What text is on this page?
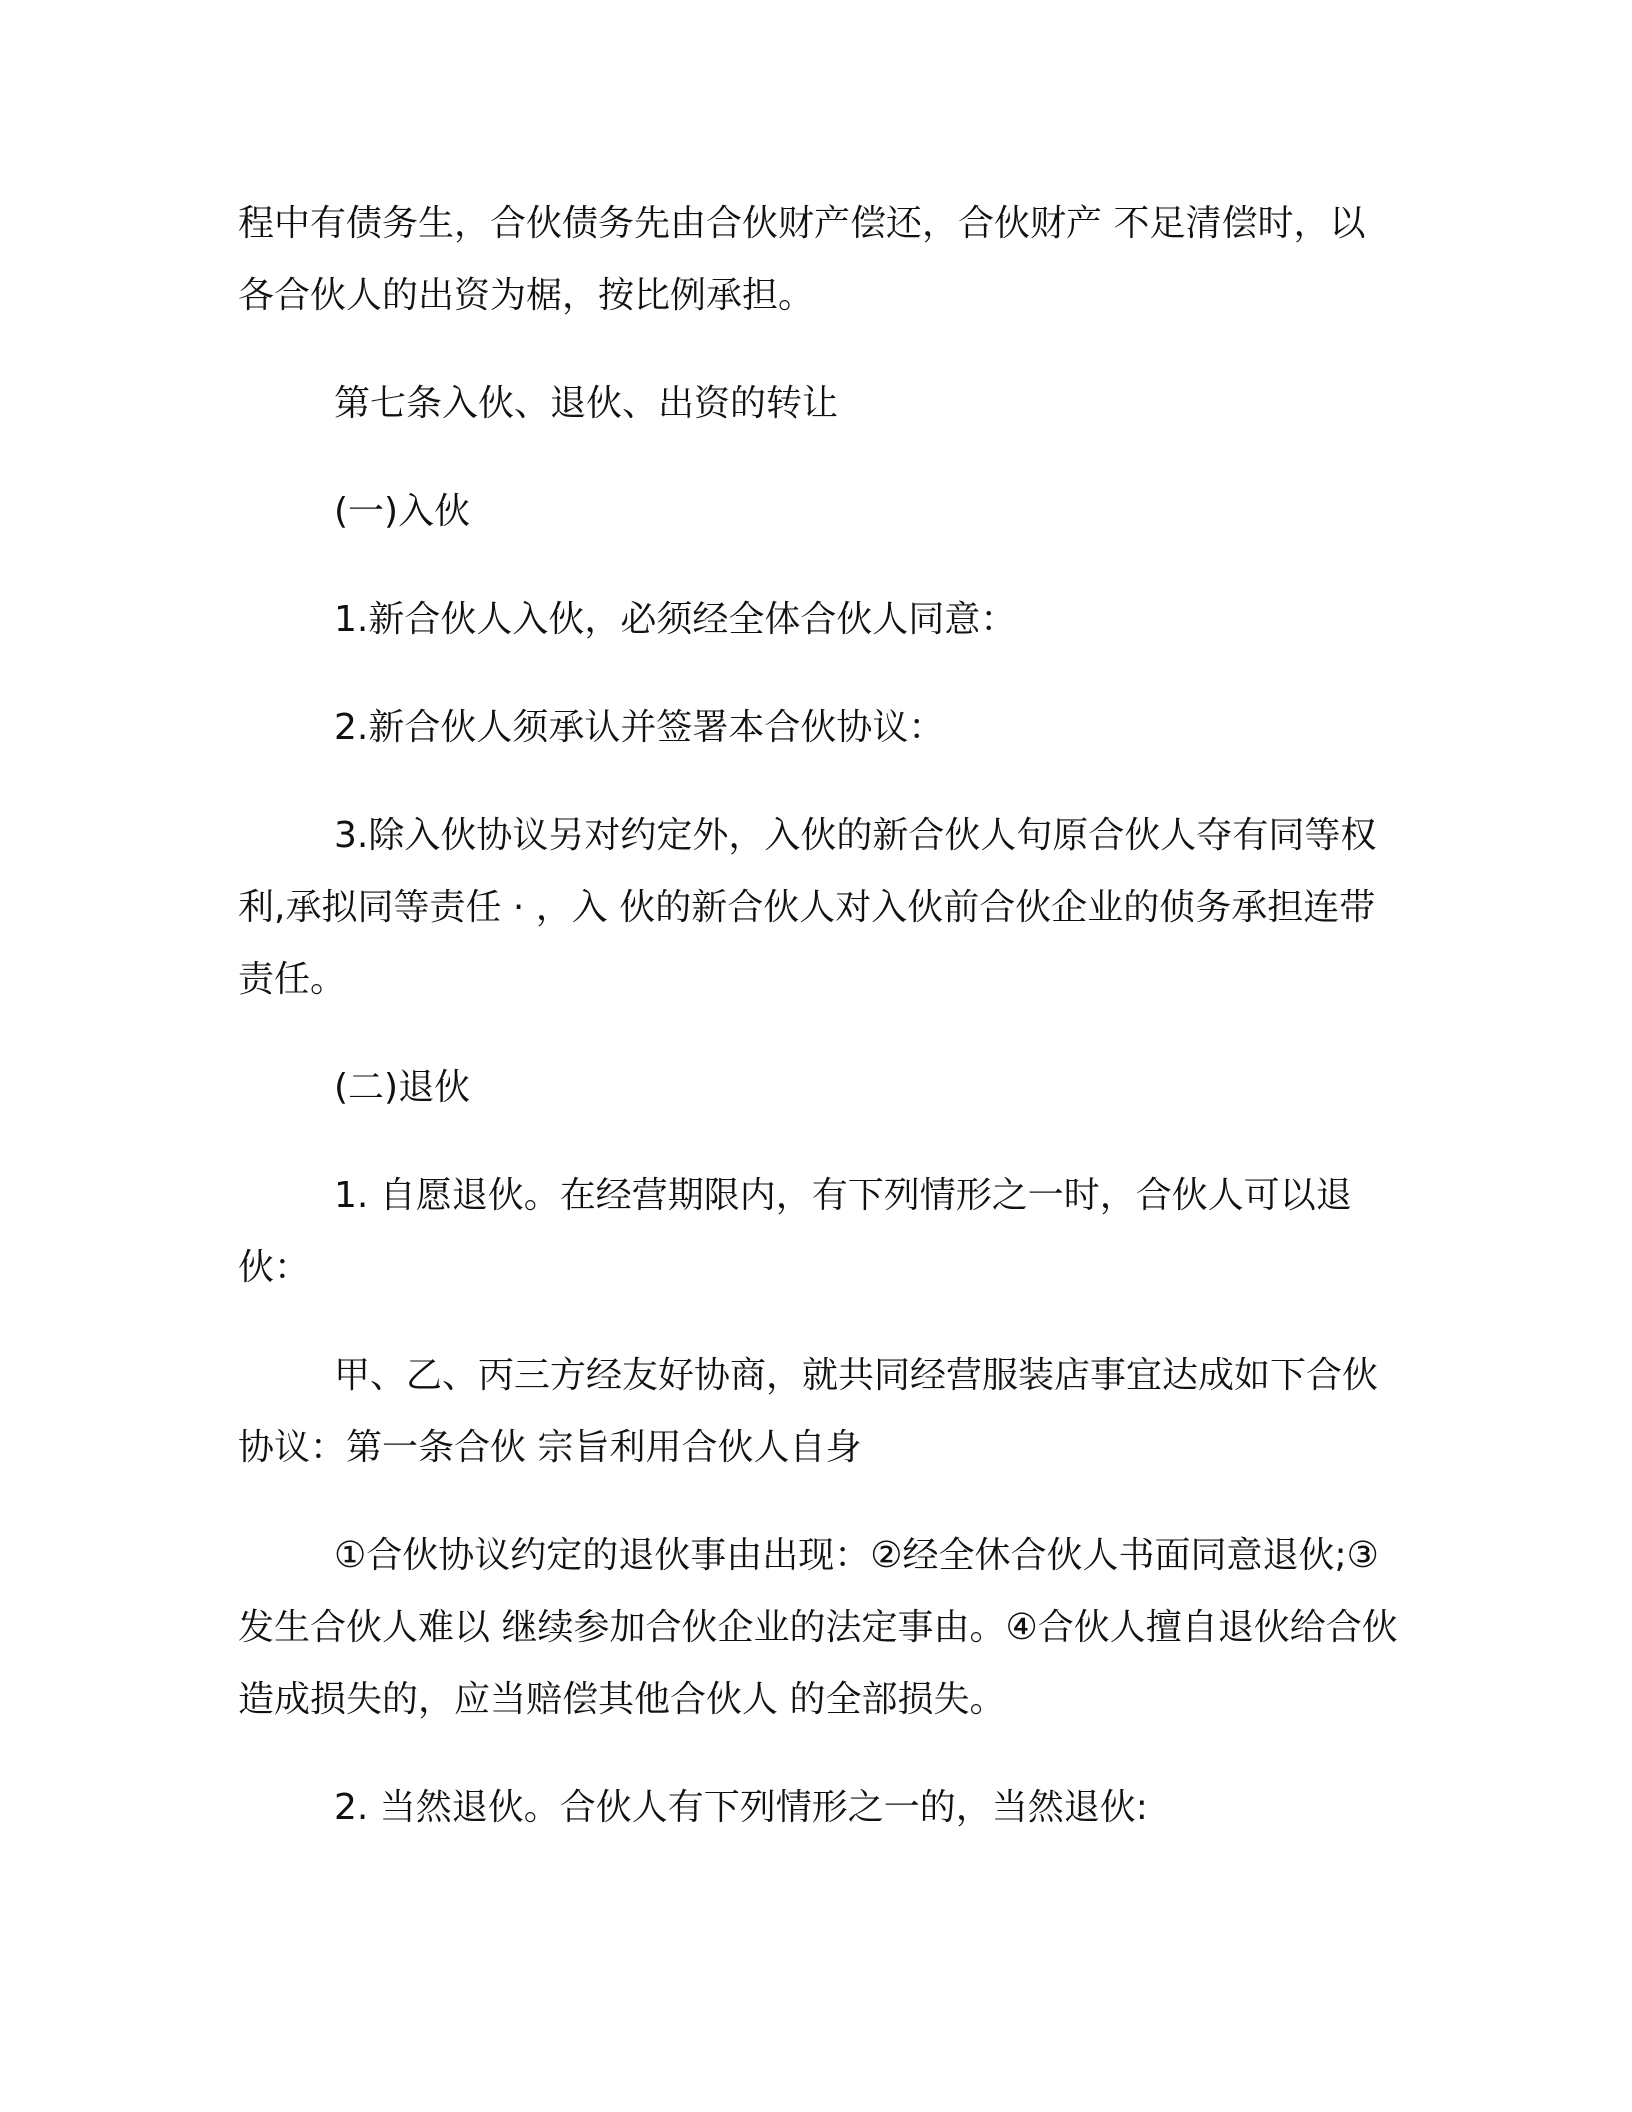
程中有债务生，合伙债务先由合伙财产偿还，合伙财产 不足清偿时，以各合伙人的出资为椐，按比例承担。

第七条入伙、退伙、出资的转让

(一)入伙

1.新合伙人入伙，必须经全体合伙人同意：

2.新合伙人须承认并签署本合伙协议：

3.除入伙协议另对约定外，入伙的新合伙人句原合伙人夺有同等权利,承拟同等责任 · ，入 伙的新合伙人对入伙前合伙企业的侦务承担连带责任。

(二)退伙

1. 自愿退伙。在经营期限内，有下列情形之一时，合伙人可以退伙：

甲、乙、丙三方经友好协商，就共同经营服装店事宜达成如下合伙协议：第一条合伙 宗旨利用合伙人自身

①合伙协议约定的退伙事由出现：②经全休合伙人书面同意退伙;③发生合伙人难以 继续参加合伙企业的法定事由。④合伙人擅自退伙给合伙造成损失的，应当赔偿其他合伙人 的全部损失。

2. 当然退伙。合伙人有下列情形之一的，当然退伙:
